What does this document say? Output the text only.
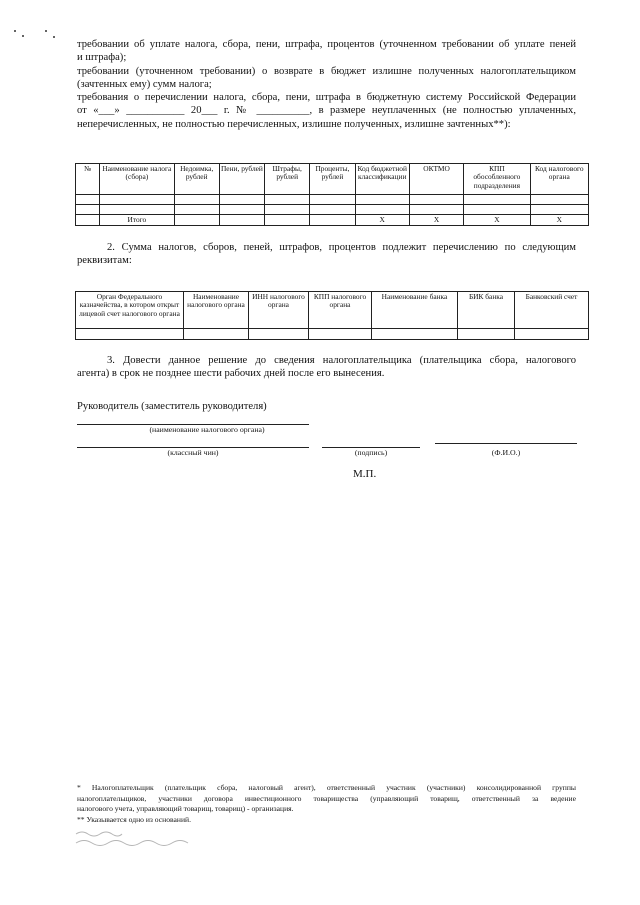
требовании об уплате налога, сбора, пени, штрафа, процентов (уточненном требовании об уплате пеней
и штрафа);
требовании (уточненном требовании) о возврате в бюджет излишне полученных налогоплательщиком
(зачтенных ему) сумм налога;
требования о перечислении налога, сбора, пени, штрафа в бюджетную систему Российской Федерации
от «___» ___________ 20___ г. № __________, в размере неуплаченных (не полностью уплаченных,
неперечисленных, не полностью перечисленных, излишне полученных, излишне зачтенных**):
№	Наименование налога (сбора)	Недоимка, рублей	Пени, рублей	Штрафы, рублей	Проценты, рублей	Код бюджетной классификации	ОКТМО	КПП обособленного подразделения	Код налогового органа

	Итого					X	X	X	X
2. Сумма налогов, сборов, пеней, штрафов, процентов подлежит перечислению по следующим
реквизитам:
Орган Федерального казначейства, в котором открыт лицевой счет налогового органа	Наименование налогового органа	ИНН налогового органа	КПП налогового органа	Наименование банка	БИК банка	Банковский счет

3. Довести данное решение до сведения налогоплательщика (плательщика сбора, налогового
агента) в срок не позднее шести рабочих дней после его вынесения.
Руководитель (заместитель руководителя)
(наименование налогового органа)
(классный чин)	(подпись)	(Ф.И.О.)
М.П.
* Налогоплательщик (плательщик сбора, налоговый агент), ответственный участник (участники) консолидированной группы
налогоплательщиков, участники договора инвестиционного товарищества (управляющий товарищ, ответственный за ведение
налогового учета, управляющий товарищ, товарищ) - организация.
** Указывается одно из оснований.
